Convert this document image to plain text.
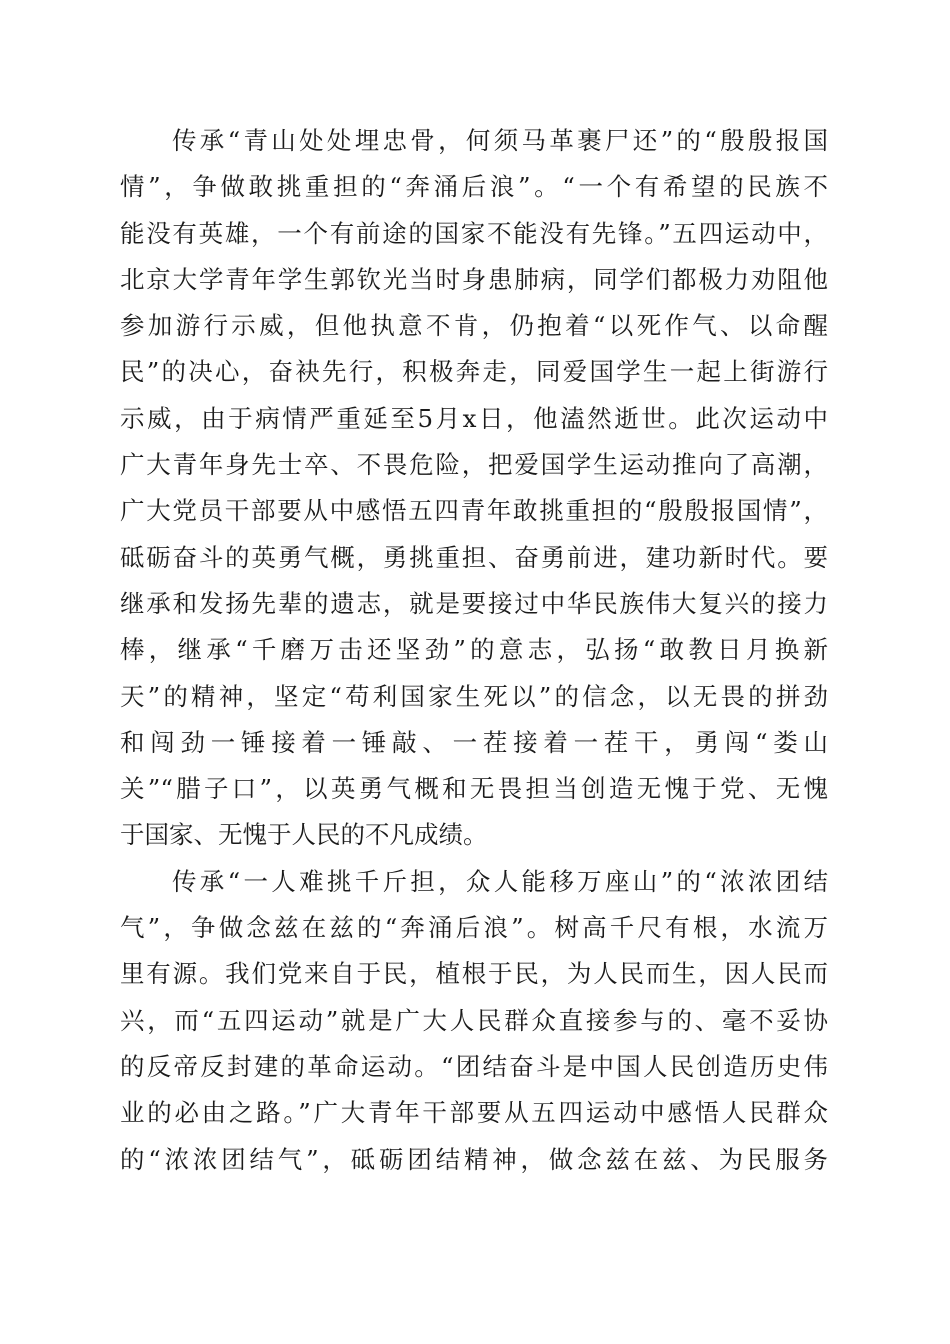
传承“青山处处埋忠骨，何须马革裹尸还”的“殷殷报国
情”，争做敢挑重担的“奔涌后浪”。“一个有希望的民族不
能没有英雄，一个有前途的国家不能没有先锋。”五四运动中，
北京大学青年学生郭钦光当时身患肺病，同学们都极力劝阻他
参加游行示威，但他执意不肯，仍抱着“以死作气、以命醒
民”的决心，奋袂先行，积极奔走，同爱国学生一起上街游行
示威，由于病情严重延至5月x日，他溘然逝世。此次运动中
广大青年身先士卒、不畏危险，把爱国学生运动推向了高潮，
广大党员干部要从中感悟五四青年敢挑重担的“殷殷报国情”，
砥砺奋斗的英勇气概，勇挑重担、奋勇前进，建功新时代。要
继承和发扬先辈的遗志，就是要接过中华民族伟大复兴的接力
棒，继承“千磨万击还坚劲”的意志，弘扬“敢教日月换新
天”的精神，坚定“苟利国家生死以”的信念，以无畏的拼劲
和闯劲一锤接着一锤敲、一茬接着一茬干，勇闯“娄山
关”“腊子口”，以英勇气概和无畏担当创造无愧于党、无愧
于国家、无愧于人民的不凡成绩。
传承“一人难挑千斤担，众人能移万座山”的“浓浓团结
气”，争做念兹在兹的“奔涌后浪”。树高千尺有根，水流万
里有源。我们党来自于民，植根于民，为人民而生，因人民而
兴，而“五四运动”就是广大人民群众直接参与的、毫不妥协
的反帝反封建的革命运动。“团结奋斗是中国人民创造历史伟
业的必由之路。”广大青年干部要从五四运动中感悟人民群众
的“浓浓团结气”，砥砺团结精神，做念兹在兹、为民服务
